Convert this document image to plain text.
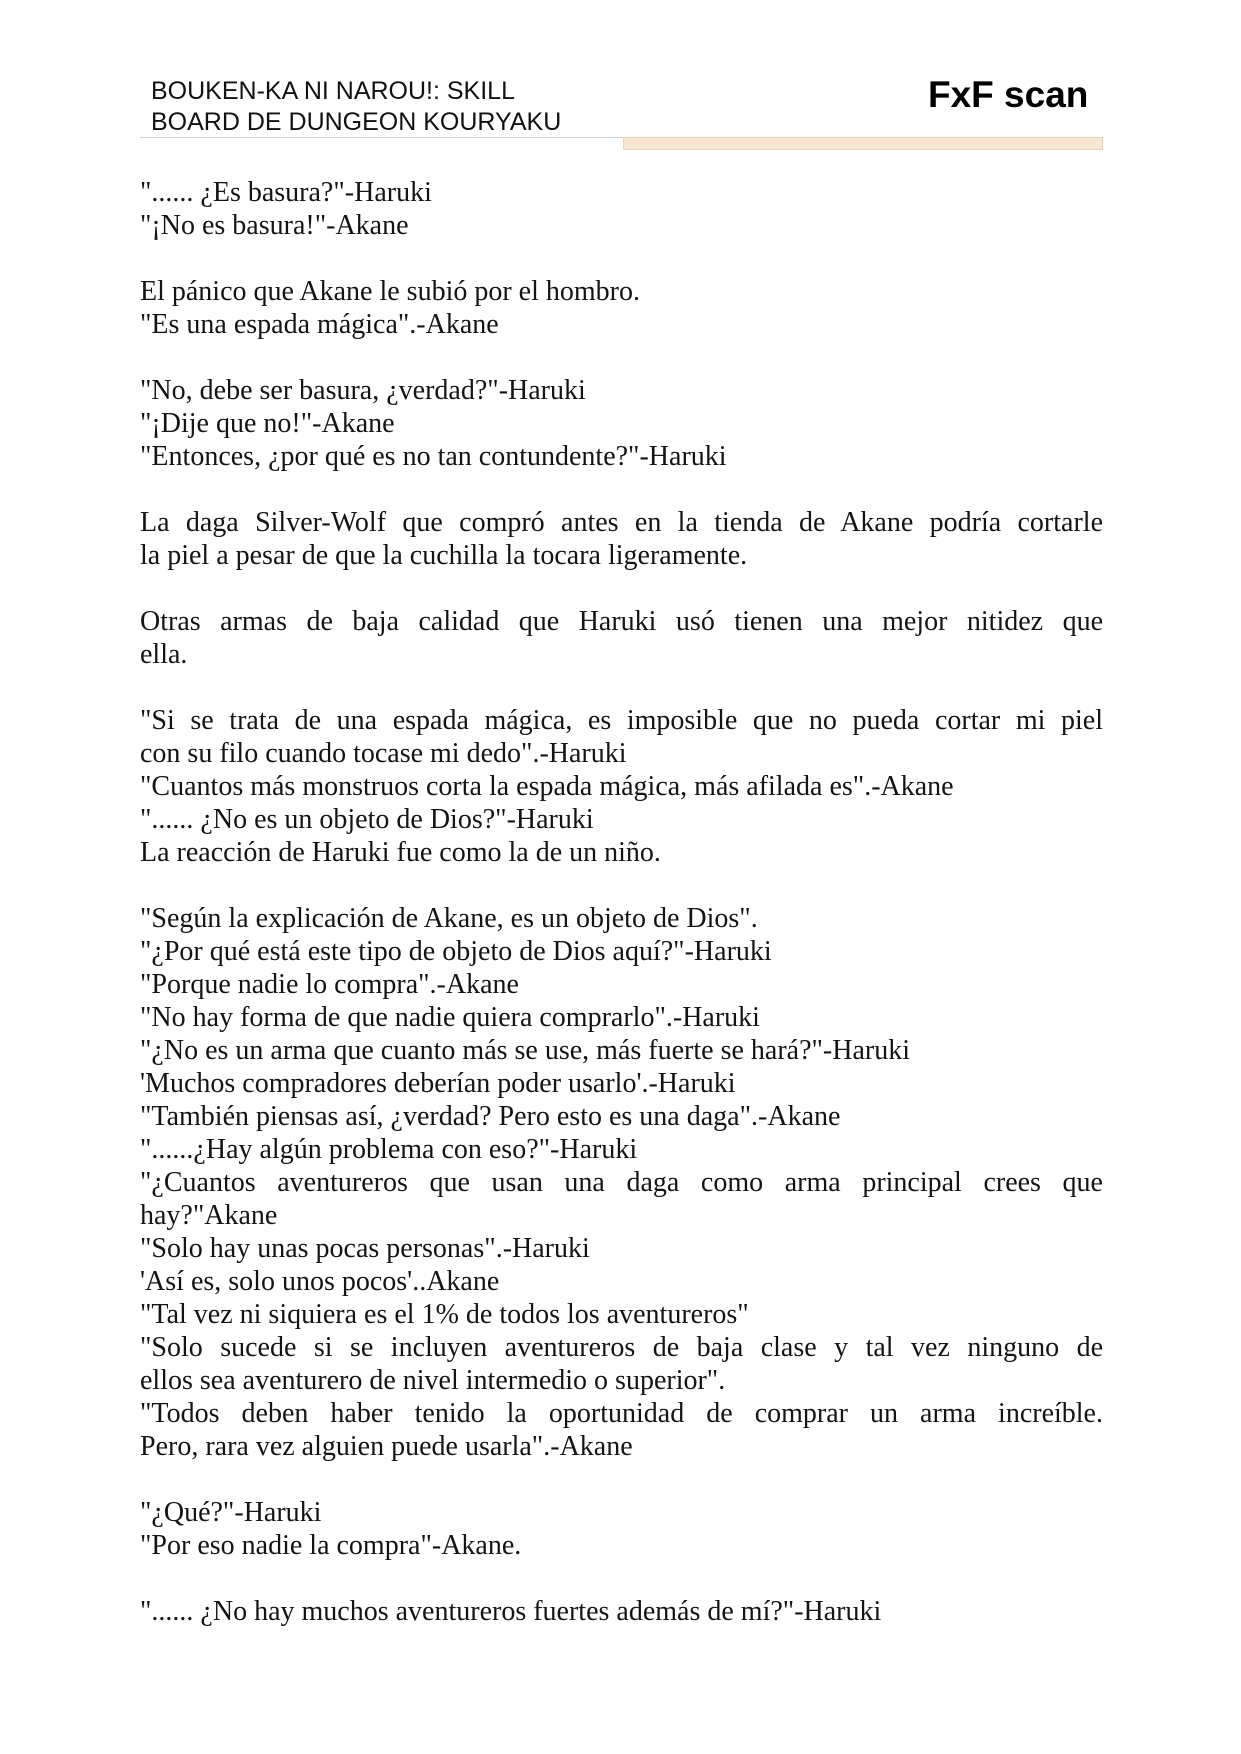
BOUKEN-KA NI NAROU!: SKILL
BOARD DE DUNGEON KOURYAKU
FxF scan

"...... ¿Es basura?"-Haruki
"¡No es basura!"-Akane

El pánico que Akane le subió por el hombro.
"Es una espada mágica".-Akane

"No, debe ser basura, ¿verdad?"-Haruki
"¡Dije que no!"-Akane
"Entonces, ¿por qué es no tan contundente?"-Haruki

La daga Silver-Wolf que compró antes en la tienda de Akane podría cortarle
la piel a pesar de que la cuchilla la tocara ligeramente.

Otras armas de baja calidad que Haruki usó tienen una mejor nitidez que
ella.

"Si se trata de una espada mágica, es imposible que no pueda cortar mi piel
con su filo cuando tocase mi dedo".-Haruki
"Cuantos más monstruos corta la espada mágica, más afilada es".-Akane
"...... ¿No es un objeto de Dios?"-Haruki
La reacción de Haruki fue como la de un niño.

"Según la explicación de Akane, es un objeto de Dios".
"¿Por qué está este tipo de objeto de Dios aquí?"-Haruki
"Porque nadie lo compra".-Akane
"No hay forma de que nadie quiera comprarlo".-Haruki
"¿No es un arma que cuanto más se use, más fuerte se hará?"-Haruki
'Muchos compradores deberían poder usarlo'.-Haruki
"También piensas así, ¿verdad? Pero esto es una daga".-Akane
"......¿Hay algún problema con eso?"-Haruki
"¿Cuantos aventureros que usan una daga como arma principal crees que
hay?"Akane
"Solo hay unas pocas personas".-Haruki
'Así es, solo unos pocos'..Akane
"Tal vez ni siquiera es el 1% de todos los aventureros"
"Solo sucede si se incluyen aventureros de baja clase y tal vez ninguno de
ellos sea aventurero de nivel intermedio o superior".
"Todos deben haber tenido la oportunidad de comprar un arma increíble.
Pero, rara vez alguien puede usarla".-Akane

"¿Qué?"-Haruki
"Por eso nadie la compra"-Akane.

"...... ¿No hay muchos aventureros fuertes además de mí?"-Haruki
